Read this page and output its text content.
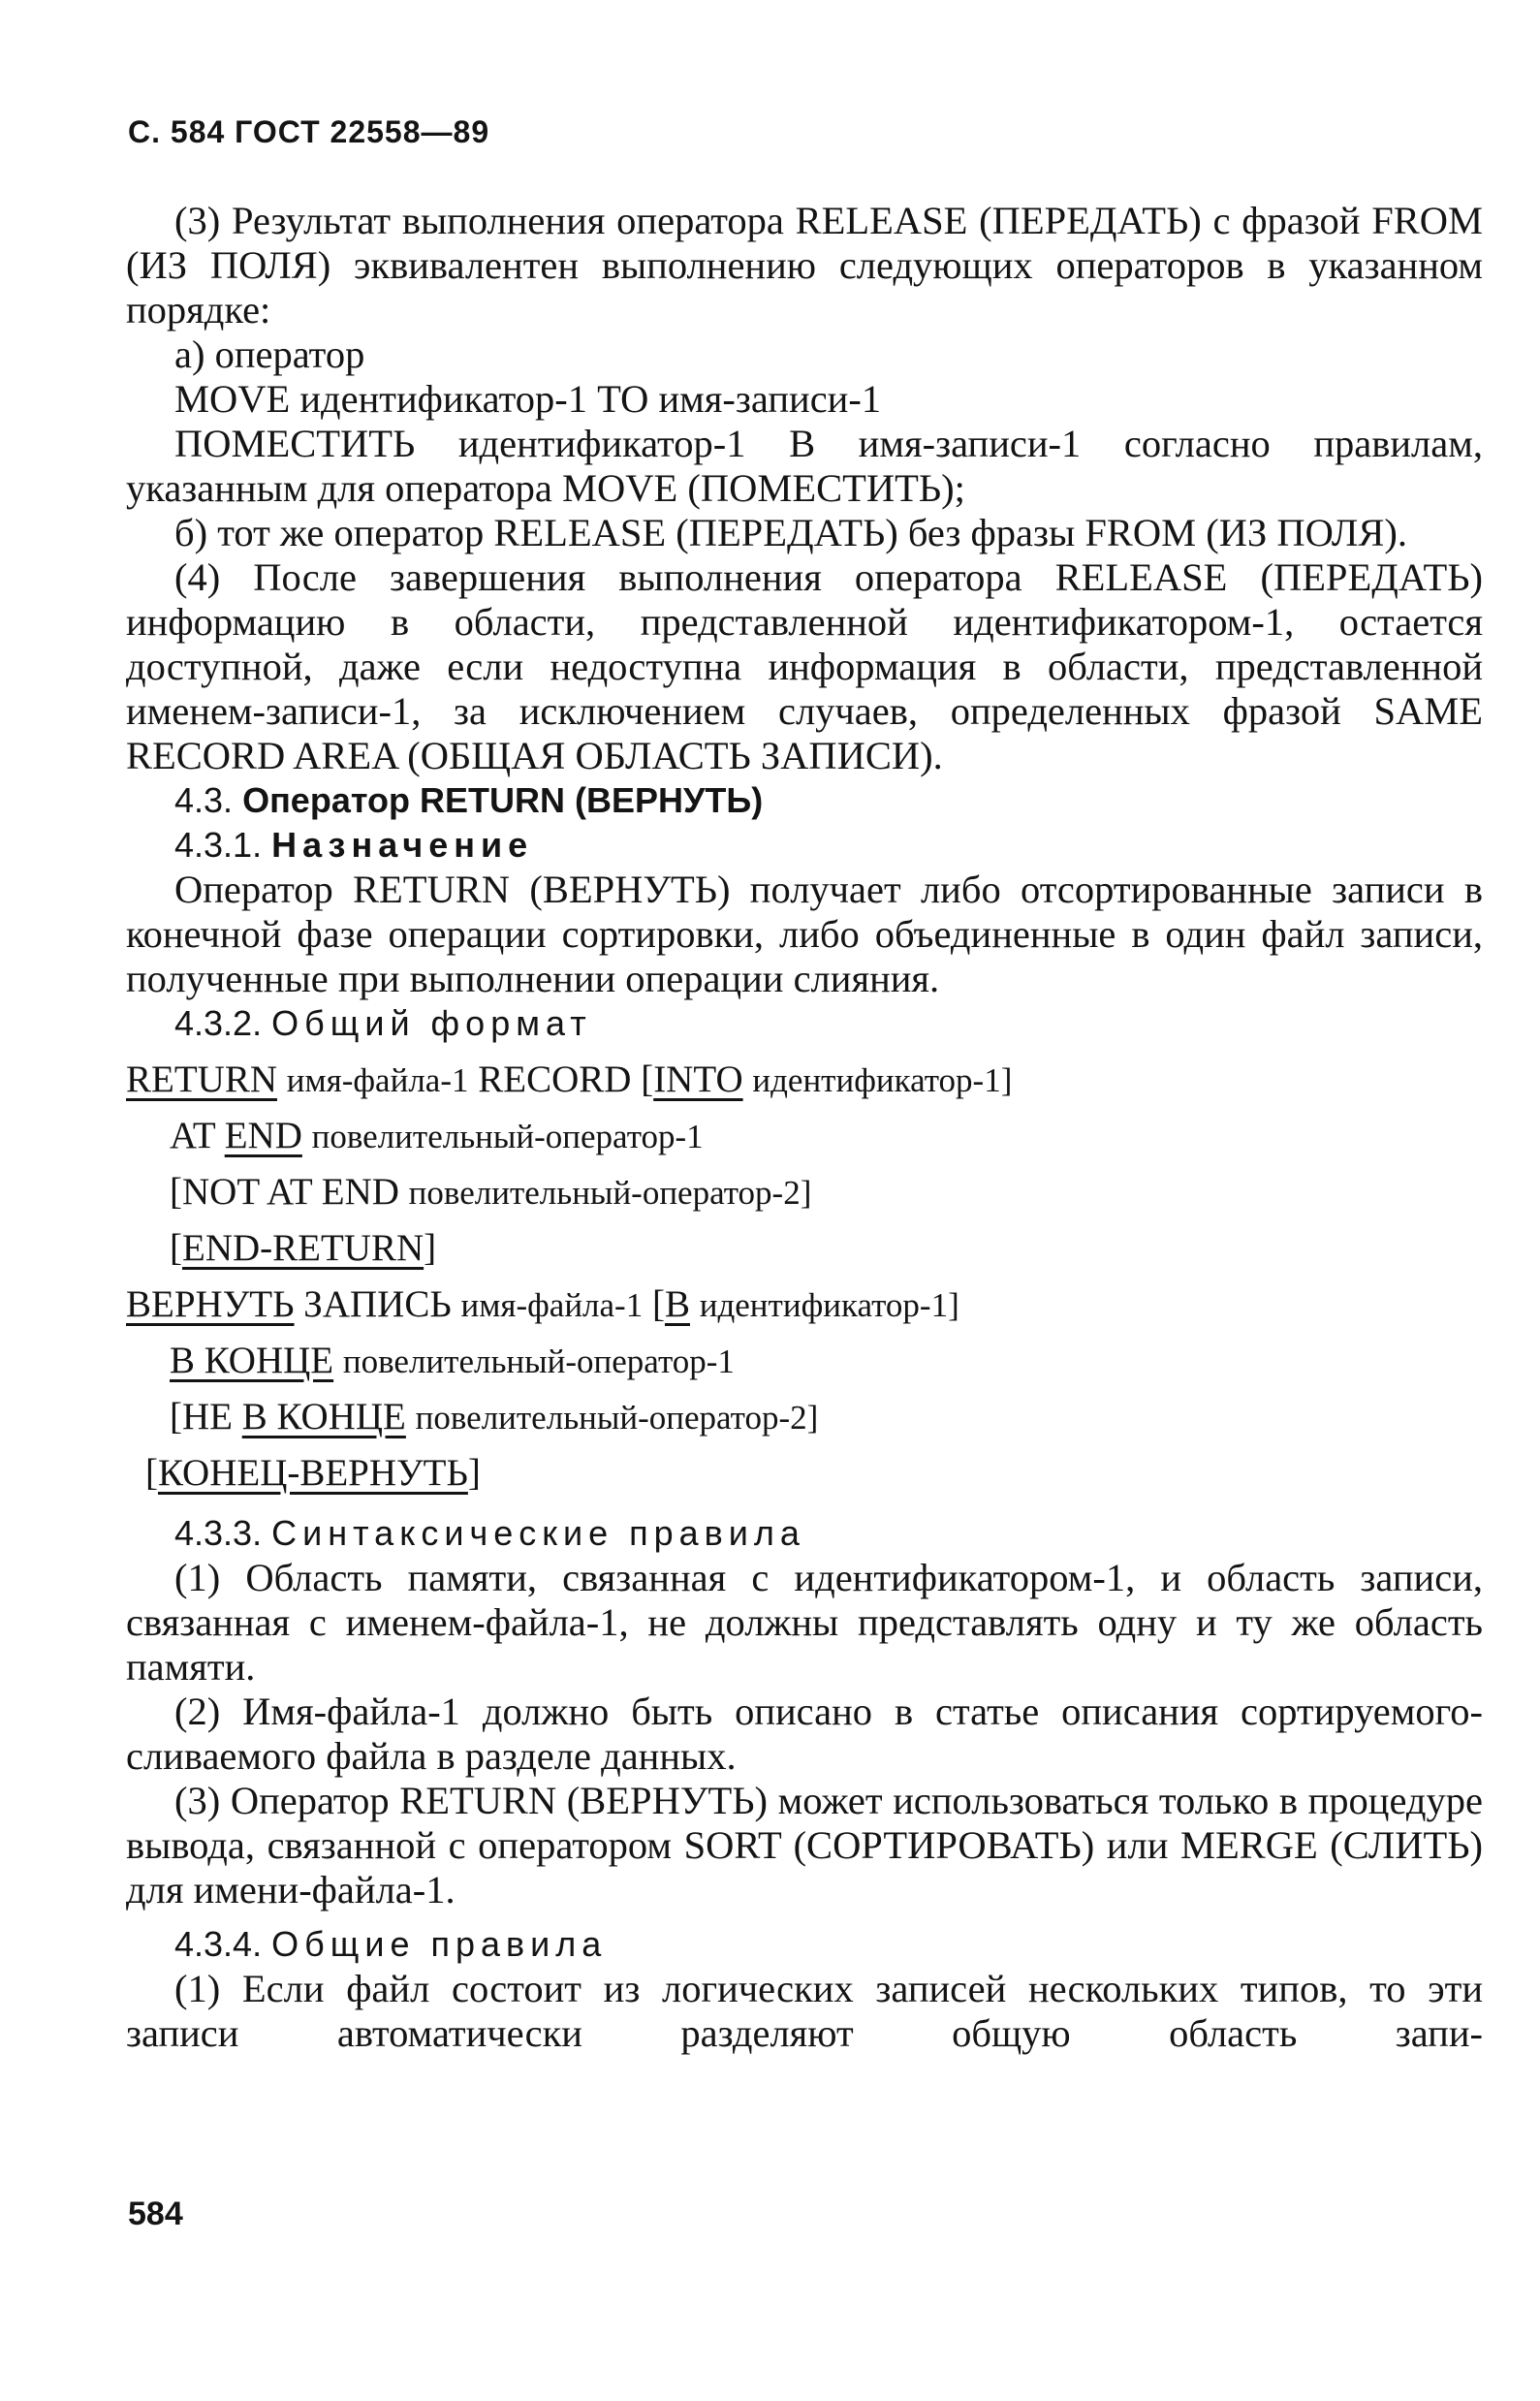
С. 584 ГОСТ 22558—89

(3) Результат выполнения оператора RELEASE (ПЕРЕДАТЬ) с фразой FROM (ИЗ ПОЛЯ) эквивалентен выполнению следующих операторов в указанном порядке:

а) оператор

MOVE идентификатор-1 TO имя-записи-1

ПОМЕСТИТЬ идентификатор-1 В имя-записи-1 согласно правилам, указанным для оператора MOVE (ПОМЕСТИТЬ);

б) тот же оператор RELEASE (ПЕРЕДАТЬ) без фразы FROM (ИЗ ПОЛЯ).

(4) После завершения выполнения оператора RELEASE (ПЕРЕДАТЬ) информацию в области, представленной идентификатором-1, остается доступной, даже если недоступна информация в области, представленной именем-записи-1, за исключением случаев, определенных фразой SAME RECORD AREA (ОБЩАЯ ОБЛАСТЬ ЗАПИСИ).

4.3. Оператор RETURN (ВЕРНУТЬ)
4.3.1. Назначение

Оператор RETURN (ВЕРНУТЬ) получает либо отсортированные записи в конечной фазе операции сортировки, либо объединенные в один файл записи, полученные при выполнении операции слияния.

4.3.2. Общий формат
RETURN имя-файла-1 RECORD [INTO идентификатор-1]
AT END повелительный-оператор-1
[NOT AT END повелительный-оператор-2]
[END-RETURN]
ВЕРНУТЬ ЗАПИСЬ имя-файла-1 [В идентификатор-1]
В КОНЦЕ повелительный-оператор-1
[НЕ В КОНЦЕ повелительный-оператор-2]
[КОНЕЦ-ВЕРНУТЬ]
4.3.3. Синтаксические правила

(1) Область памяти, связанная с идентификатором-1, и область записи, связанная с именем-файла-1, не должны представлять одну и ту же область памяти.

(2) Имя-файла-1 должно быть описано в статье описания сортируемого-сливаемого файла в разделе данных.

(3) Оператор RETURN (ВЕРНУТЬ) может использоваться только в процедуре вывода, связанной с оператором SORT (СОРТИРОВАТЬ) или MERGE (СЛИТЬ) для имени-файла-1.

4.3.4. Общие правила

(1) Если файл состоит из логических записей нескольких типов, то эти записи автоматически разделяют общую область запи-

584
